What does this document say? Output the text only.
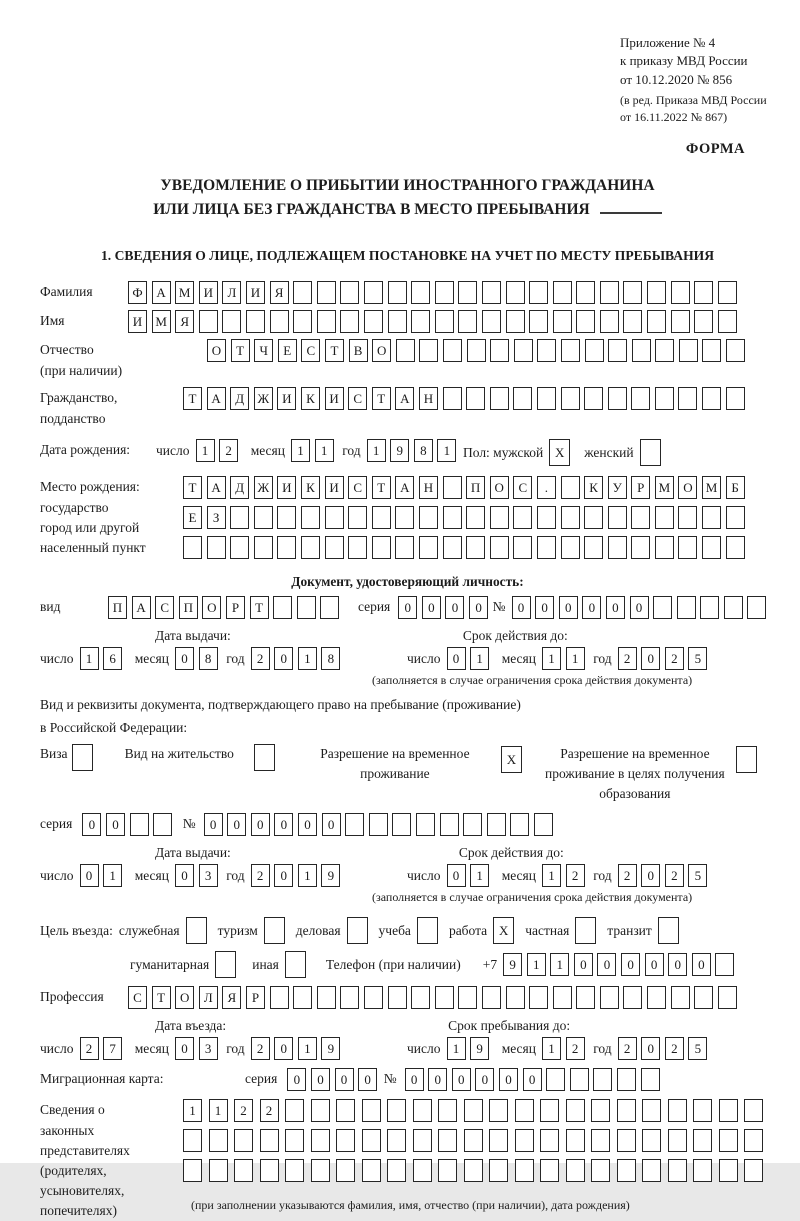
Приложение № 4
к приказу МВД России
от 10.12.2020 № 856
(в ред. Приказа МВД России
от 16.11.2022 № 867)
ФОРМА
УВЕДОМЛЕНИЕ О ПРИБЫТИИ ИНОСТРАННОГО ГРАЖДАНИНА
ИЛИ ЛИЦА БЕЗ ГРАЖДАНСТВА В МЕСТО ПРЕБЫВАНИЯ
1. СВЕДЕНИЯ О ЛИЦЕ, ПОДЛЕЖАЩЕМ ПОСТАНОВКЕ НА УЧЕТ ПО МЕСТУ ПРЕБЫВАНИЯ
Фамилия	Ф	А	М	И	Л	И	Я
Имя	И	М	Я
Отчество
(при наличии)
О	Т	Ч	Е	С	Т	В	О
Гражданство,
подданство
Т	А	Д	Ж	И	К	И	С	Т	А	Н
Дата рождения:	число 1	2	месяц 1	1	год 1	9	8	1 Пол: мужской X	женский
Место рождения:
государство
город или другой
населенный пункт
Т	А	Д	Ж	И	К	И	С	Т	А	Н	П	О	С	.	К	У	Р	М	О	М	Б
Е	З
Документ, удостоверяющий личность:
вид	П	А	С	П	О	Р	Т	серия	0	0	0	0 № 0	0	0	0	0	0
Дата выдачи:	Срок действия до:
число 1	6	месяц 0	8	год 2	0	1	8	число 0	1	месяц 1	1	год 2	0	2	5
(заполняется в случае ограничения срока действия документа)
Вид и реквизиты документа, подтверждающего право на пребывание (проживание)
в Российской Федерации:
Виза	Вид на жительство	Разрешение на временное проживание
X	Разрешение на временное проживание в целях получения образования
серия	0	0	№	0	0	0	0	0	0
Дата выдачи:	Срок действия до:
число 0	1	месяц 0	3	год 2	0	1	9	число 0	1	месяц 1	2	год 2	0	2	5
(заполняется в случае ограничения срока действия документа)
Цель въезда: служебная	туризм	деловая	учеба	работа X	частная	транзит
гуманитарная	иная	Телефон (при наличии) +7 9	1	1	0	0	0	0	0	0
Профессия	С	Т	О	Л	Я	Р
Дата въезда:	Срок пребывания до:
число 2	7	месяц 0	3	год 2	0	1	9	число 1	9	месяц 1	2	год 2	0	2	5
Миграционная карта:	серия	0	0	0	0 №	0	0	0	0	0	0
Сведения о
законных
представителях
(родителях,
усыновителях,
попечителях)
1	1	2	2
(при заполнении указываются фамилия, имя, отчество (при наличии), дата рождения)
